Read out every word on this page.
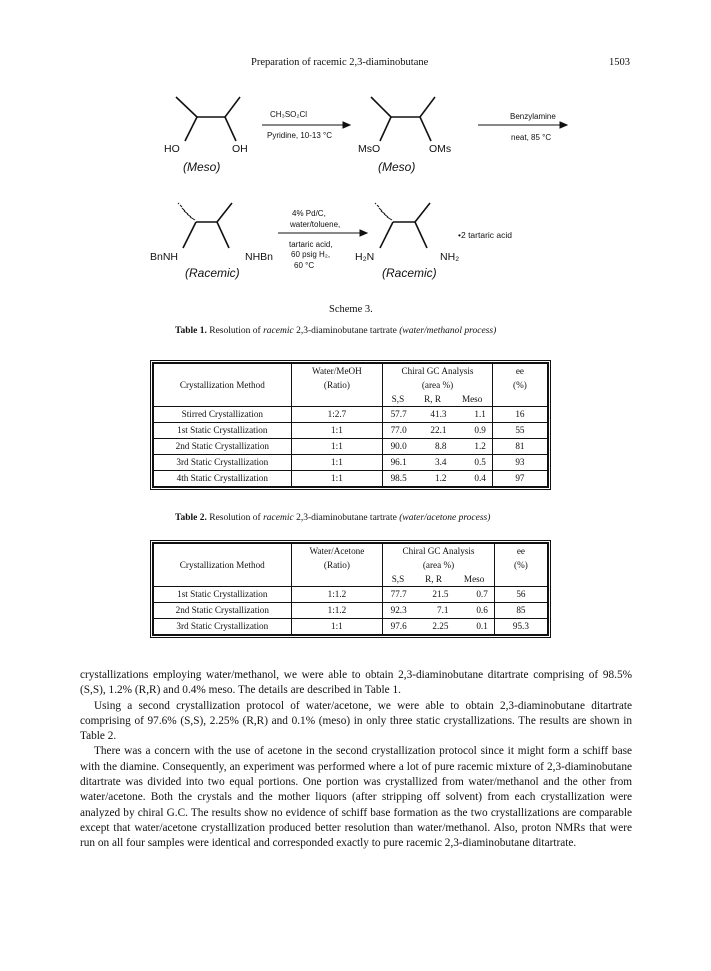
Preparation of racemic 2,3-diaminobutane	1503
HO	OH
(Meso)
CH₃SO₂Cl
Pyridine, 10-13 °C
MsO	OMs
(Meso)
Benzylamine
neat, 85 °C
BnNH	NHBn
(Racemic)
4% Pd/C,
water/toluene,
tartaric acid,
60 psig H₂,
60 °C
H₂N	NH₂
(Racemic)
•2 tartaric acid
Scheme 3.
Table 1. Resolution of racemic 2,3-diaminobutane tartrate (water/methanol process)
Crystallization Method	Water/MeOH	Chiral GC Analysis			ee
	(Ratio)	(area %)			(%)
		S,S	R, R	Meso	
Stirred Crystallization	1:2.7	57.7	41.3	1.1	16
1st Static Crystallization	1:1	77.0	22.1	0.9	55
2nd Static Crystallization	1:1	90.0	8.8	1.2	81
3rd Static Crystallization	1:1	96.1	3.4	0.5	93
4th Static Crystallization	1:1	98.5	1.2	0.4	97
Table 2. Resolution of racemic 2,3-diaminobutane tartrate (water/acetone process)
Crystallization Method	Water/Acetone	Chiral GC Analysis			ee
	(Ratio)	(area %)			(%)
		S,S	R, R	Meso	
1st Static Crystallization	1:1.2	77.7	21.5	0.7	56
2nd Static Crystallization	1:1.2	92.3	7.1	0.6	85
3rd Static Crystallization	1:1	97.6	2.25	0.1	95.3

crystallizations employing water/methanol, we were able to obtain 2,3-diaminobutane ditartrate comprising of 98.5% (S,S), 1.2% (R,R) and 0.4% meso. The details are described in Table 1.

Using a second crystallization protocol of water/acetone, we were able to obtain 2,3-diaminobutane ditartrate comprising of 97.6% (S,S), 2.25% (R,R) and 0.1% (meso) in only three static crystallizations. The results are shown in Table 2.

There was a concern with the use of acetone in the second crystallization protocol since it might form a schiff base with the diamine. Consequently, an experiment was performed where a lot of pure racemic mixture of 2,3-diaminobutane ditartrate was divided into two equal portions. One portion was crystallized from water/methanol and the other from water/acetone. Both the crystals and the mother liquors (after stripping off solvent) from each crystallization were analyzed by chiral G.C. The results show no evidence of schiff base formation as the two crystallizations are comparable except that water/acetone crystallization produced better resolution than water/methanol. Also, proton NMRs that were run on all four samples were identical and corresponded exactly to pure racemic 2,3-diaminobutane ditartrate.
